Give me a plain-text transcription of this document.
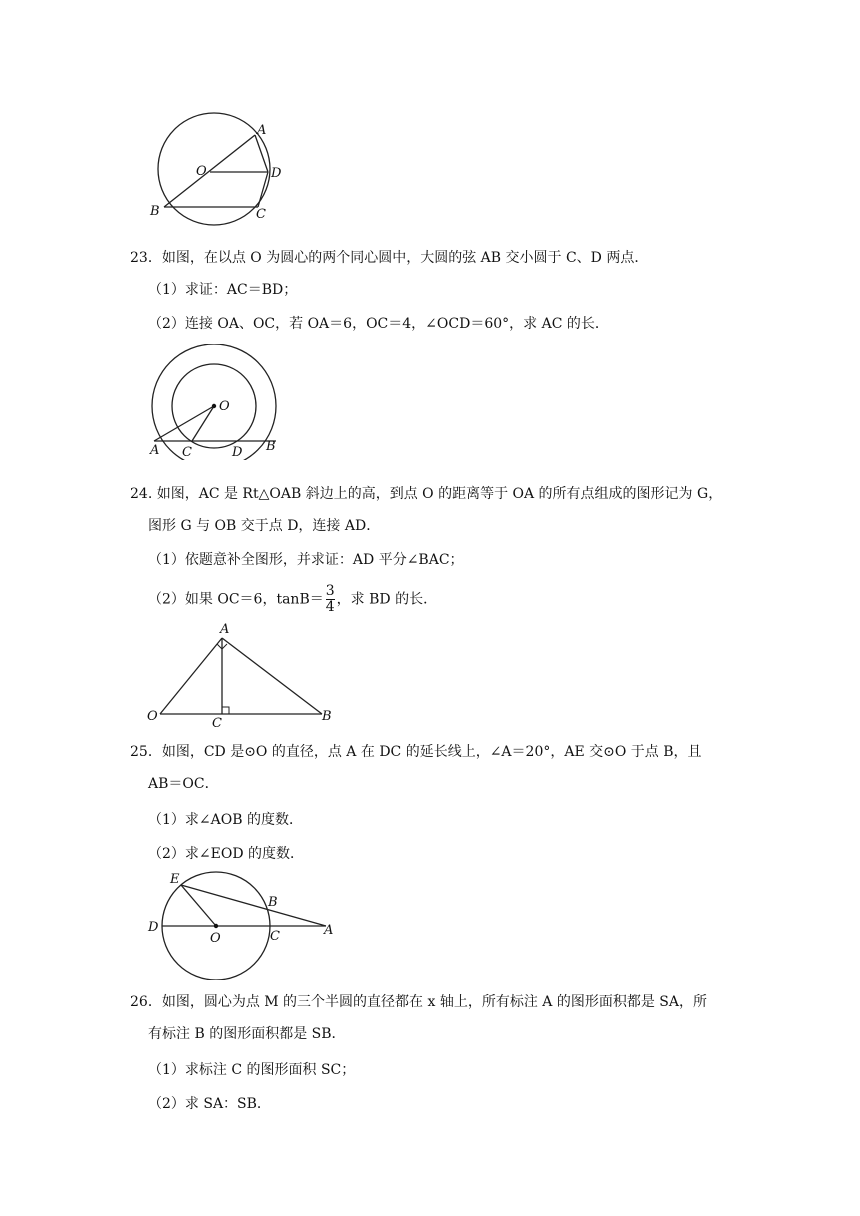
A
O	D
B	C
23．如图，在以点 O 为圆心的两个同心圆中，大圆的弦 AB 交小圆于 C、D 两点．
（1）求证：AC＝BD；
（2）连接 OA、OC，若 OA＝6，OC＝4，∠OCD＝60°，求 AC 的长．
O
A C	D B
24. 如图，AC 是 Rt△OAB 斜边上的高，到点 O 的距离等于 OA 的所有点组成的图形记为 G，
图形 G 与 OB 交于点 D，连接 AD．
（1）依题意补全图形，并求证：AD 平分∠BAC；
（2）如果 OC＝6，$\tan B= \frac{3}{4}$ ，求 BD 的长．
A
O	C	B
25．如图，CD 是⊙O 的直径，点 A 在 DC 的延长线上，∠A＝20°，AE 交⊙O 于点 B，且
AB＝OC．
（1）求∠AOB 的度数．
（2）求∠EOD 的度数．
E
B
D
O	C	A
26．如图，圆心为点 M 的三个半圆的直径都在 x 轴上，所有标注 A 的图形面积都是 SA，所
有标注 B 的图形面积都是 SB．
（1）求标注 C 的图形面积 SC；
（2）求 SA：SB．
